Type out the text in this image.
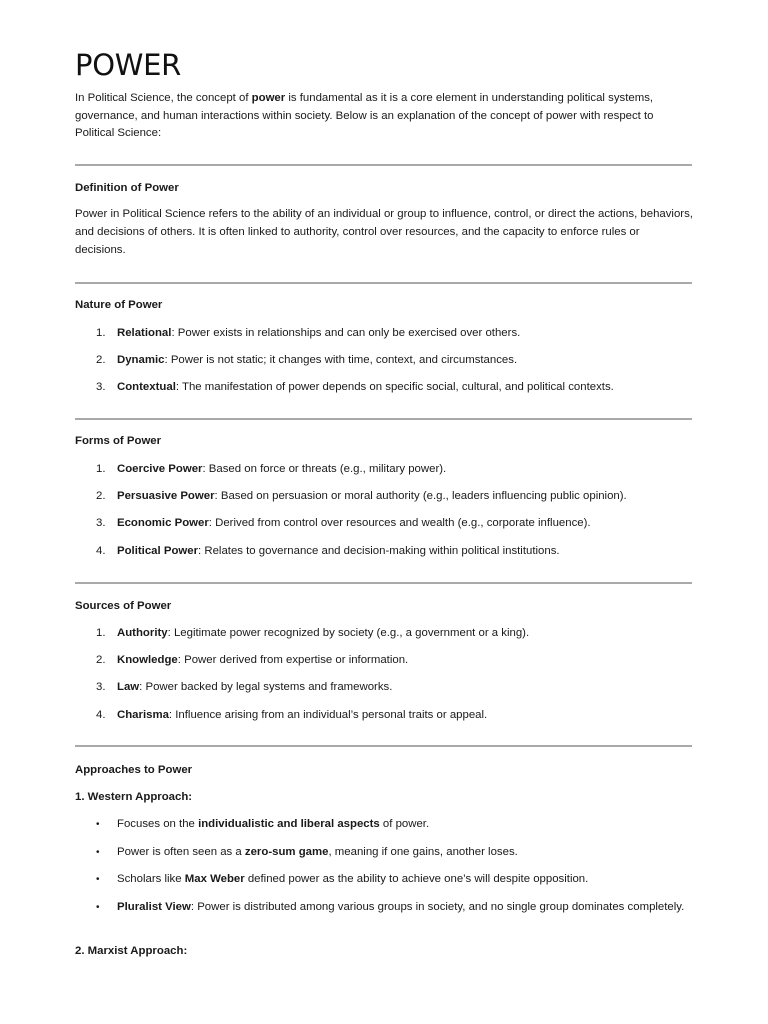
POWER

In Political Science, the concept of power is fundamental as it is a core element in understanding political systems, governance, and human interactions within society. Below is an explanation of the concept of power with respect to Political Science:

Definition of Power

Power in Political Science refers to the ability of an individual or group to influence, control, or direct the actions, behaviors, and decisions of others. It is often linked to authority, control over resources, and the capacity to enforce rules or decisions.

Nature of Power
1. Relational: Power exists in relationships and can only be exercised over others.
2. Dynamic: Power is not static; it changes with time, context, and circumstances.
3. Contextual: The manifestation of power depends on specific social, cultural, and political contexts.
Forms of Power
1. Coercive Power: Based on force or threats (e.g., military power).
2. Persuasive Power: Based on persuasion or moral authority (e.g., leaders influencing public opinion).
3. Economic Power: Derived from control over resources and wealth (e.g., corporate influence).
4. Political Power: Relates to governance and decision-making within political institutions.
Sources of Power
1. Authority: Legitimate power recognized by society (e.g., a government or a king).
2. Knowledge: Power derived from expertise or information.
3. Law: Power backed by legal systems and frameworks.
4. Charisma: Influence arising from an individual’s personal traits or appeal.
Approaches to Power
1. Western Approach:
• Focuses on the individualistic and liberal aspects of power.
• Power is often seen as a zero-sum game, meaning if one gains, another loses.
• Scholars like Max Weber defined power as the ability to achieve one’s will despite opposition.
• Pluralist View: Power is distributed among various groups in society, and no single group dominates completely.
2. Marxist Approach:
